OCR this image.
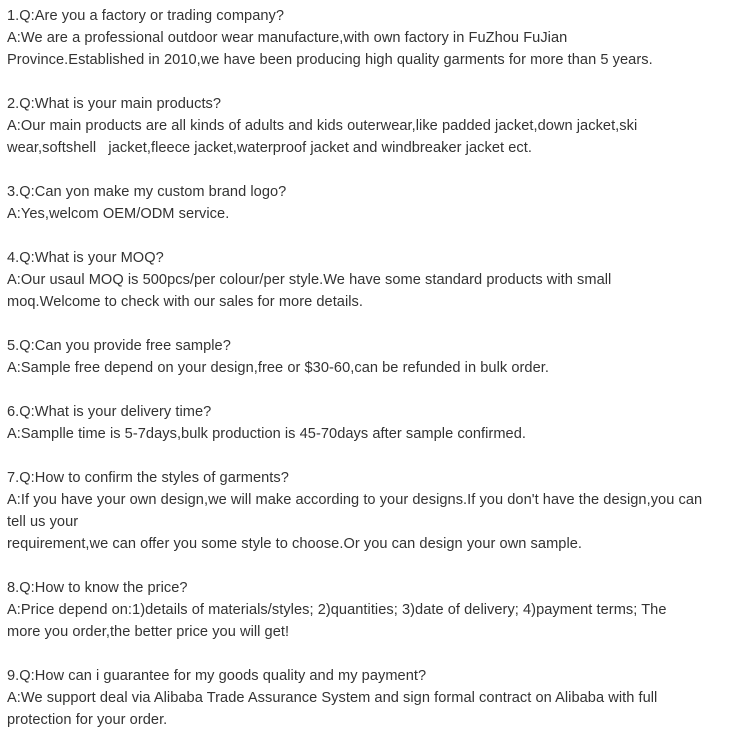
1.Q:Are you a factory or trading company?
A:We are a professional outdoor wear manufacture,with own factory in FuZhou FuJian
Province.Established in 2010,we have been producing high quality garments for more than 5 years.
2.Q:What is your main products?
A:Our main products are all kinds of adults and kids outerwear,like padded jacket,down jacket,ski
wear,softshell   jacket,fleece jacket,waterproof jacket and windbreaker jacket ect.
3.Q:Can yon make my custom brand logo?
A:Yes,welcom OEM/ODM service.
4.Q:What is your MOQ?
A:Our usaul MOQ is 500pcs/per colour/per style.We have some standard products with small
moq.Welcome to check with our sales for more details.
5.Q:Can you provide free sample?
A:Sample free depend on your design,free or $30-60,can be refunded in bulk order.
6.Q:What is your delivery time?
A:Samplle time is 5-7days,bulk production is 45-70days after sample confirmed.
7.Q:How to confirm the styles of garments?
A:If you have your own design,we will make according to your designs.If you don't have the design,you can
tell us your
requirement,we can offer you some style to choose.Or you can design your own sample.
8.Q:How to know the price?
A:Price depend on:1)details of materials/styles; 2)quantities; 3)date of delivery; 4)payment terms; The
more you order,the better price you will get!
9.Q:How can i guarantee for my goods quality and my payment?
A:We support deal via Alibaba Trade Assurance System and sign formal contract on Alibaba with full
protection for your order.
